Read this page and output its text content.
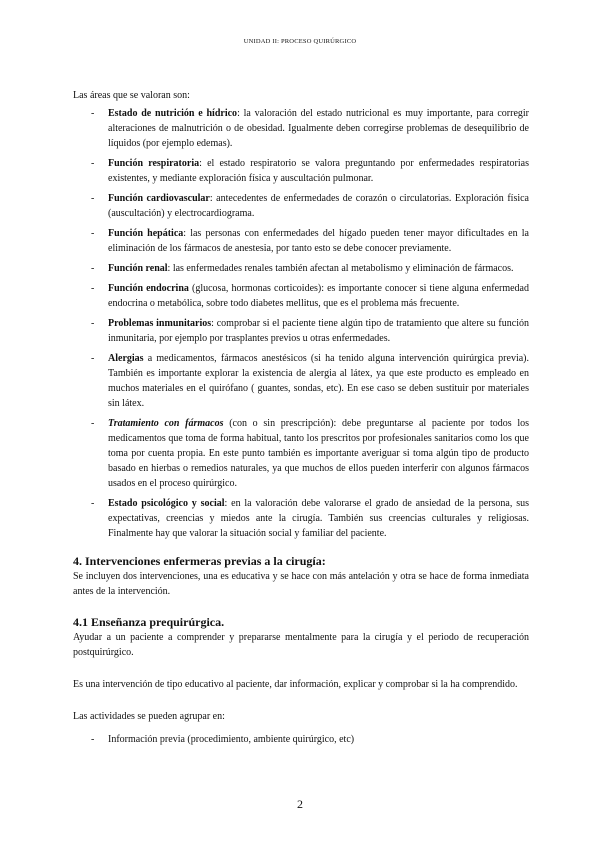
UNIDAD II: PROCESO QUIRÚRGICO

Las áreas que se valoran son:

- Estado de nutrición e hídrico: la valoración del estado nutricional es muy importante, para corregir alteraciones de malnutrición o de obesidad. Igualmente deben corregirse problemas de desequilibrio de líquidos (por ejemplo edemas).
- Función respiratoria: el estado respiratorio se valora preguntando por enfermedades respiratorias existentes, y mediante exploración física y auscultación pulmonar.
- Función cardiovascular: antecedentes de enfermedades de corazón o circulatorias. Exploración física (auscultación) y electrocardiograma.
- Función hepática: las personas con enfermedades del hígado pueden tener mayor dificultades en la eliminación de los fármacos de anestesia, por tanto esto se debe conocer previamente.
- Función renal: las enfermedades renales también afectan al metabolismo y eliminación de fármacos.
- Función endocrina (glucosa, hormonas corticoides): es importante conocer si tiene alguna enfermedad endocrina o metabólica, sobre todo diabetes mellitus, que es el problema más frecuente.
- Problemas inmunitarios: comprobar si el paciente tiene algún tipo de tratamiento que altere su función inmunitaria, por ejemplo por trasplantes previos u otras enfermedades.
- Alergias a medicamentos, fármacos anestésicos (si ha tenido alguna intervención quirúrgica previa). También es importante explorar la existencia de alergia al látex, ya que este producto es empleado en muchos materiales en el quirófano ( guantes, sondas, etc). En ese caso se deben sustituir por materiales sin látex.
- Tratamiento con fármacos (con o sin prescripción): debe preguntarse al paciente por todos los medicamentos que toma de forma habitual, tanto los prescritos por profesionales sanitarios como los que toma por cuenta propia. En este punto también es importante averiguar si toma algún tipo de producto basado en hierbas o remedios naturales, ya que muchos de ellos pueden interferir con algunos fármacos usados en el proceso quirúrgico.
- Estado psicológico y social: en la valoración debe valorarse el grado de ansiedad de la persona, sus expectativas, creencias y miedos ante la cirugía. También sus creencias culturales y religiosas. Finalmente hay que valorar la situación social y familiar del paciente.
4. Intervenciones enfermeras previas a la cirugía:

Se incluyen dos intervenciones, una es educativa y se hace con más antelación y otra se hace de forma inmediata antes de la intervención.

4.1 Enseñanza prequirúrgica.

Ayudar a un paciente a comprender y prepararse mentalmente para la cirugía y el periodo de recuperación postquirúrgico.

Es una intervención de tipo educativo al paciente, dar información, explicar y comprobar si la ha comprendido.

Las actividades se pueden agrupar en:

- Información previa (procedimiento, ambiente quirúrgico, etc)
2
